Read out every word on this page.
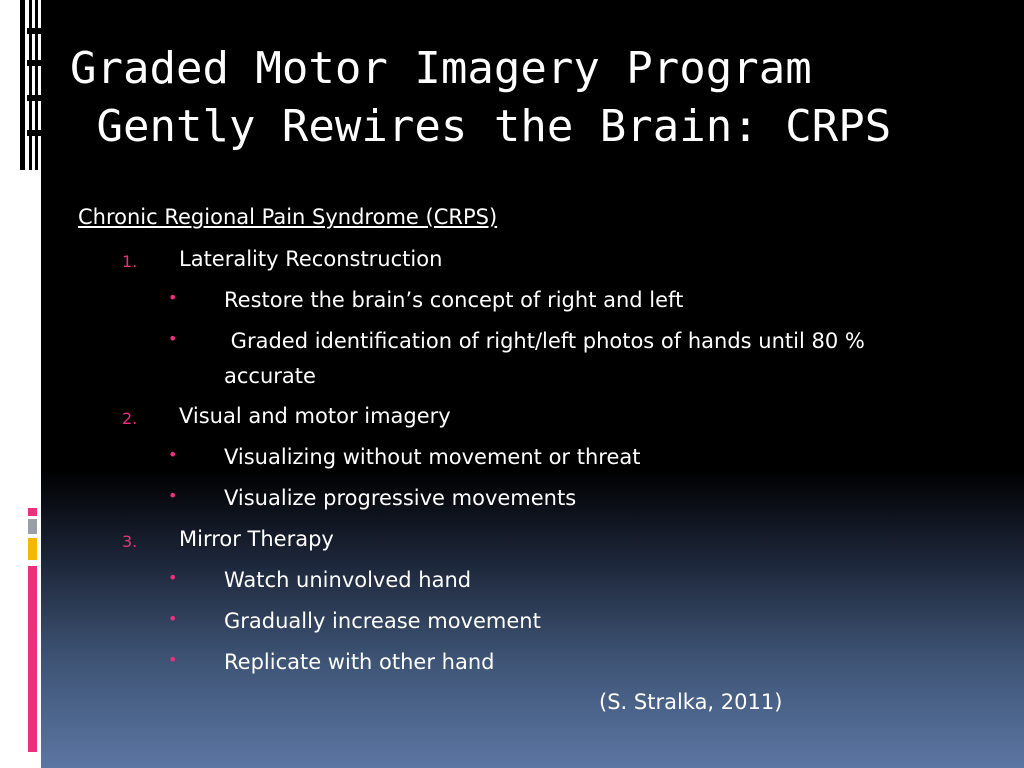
Graded Motor Imagery Program
Gently Rewires the Brain: CRPS
Chronic Regional Pain Syndrome (CRPS)
1. Laterality Reconstruction
• Restore the brain’s concept of right and left
• Graded identification of right/left photos of hands until 80 %
accurate
2. Visual and motor imagery
• Visualizing without movement or threat
• Visualize progressive movements
3. Mirror Therapy
• Watch uninvolved hand
• Gradually increase movement
• Replicate with other hand
(S. Stralka, 2011)
